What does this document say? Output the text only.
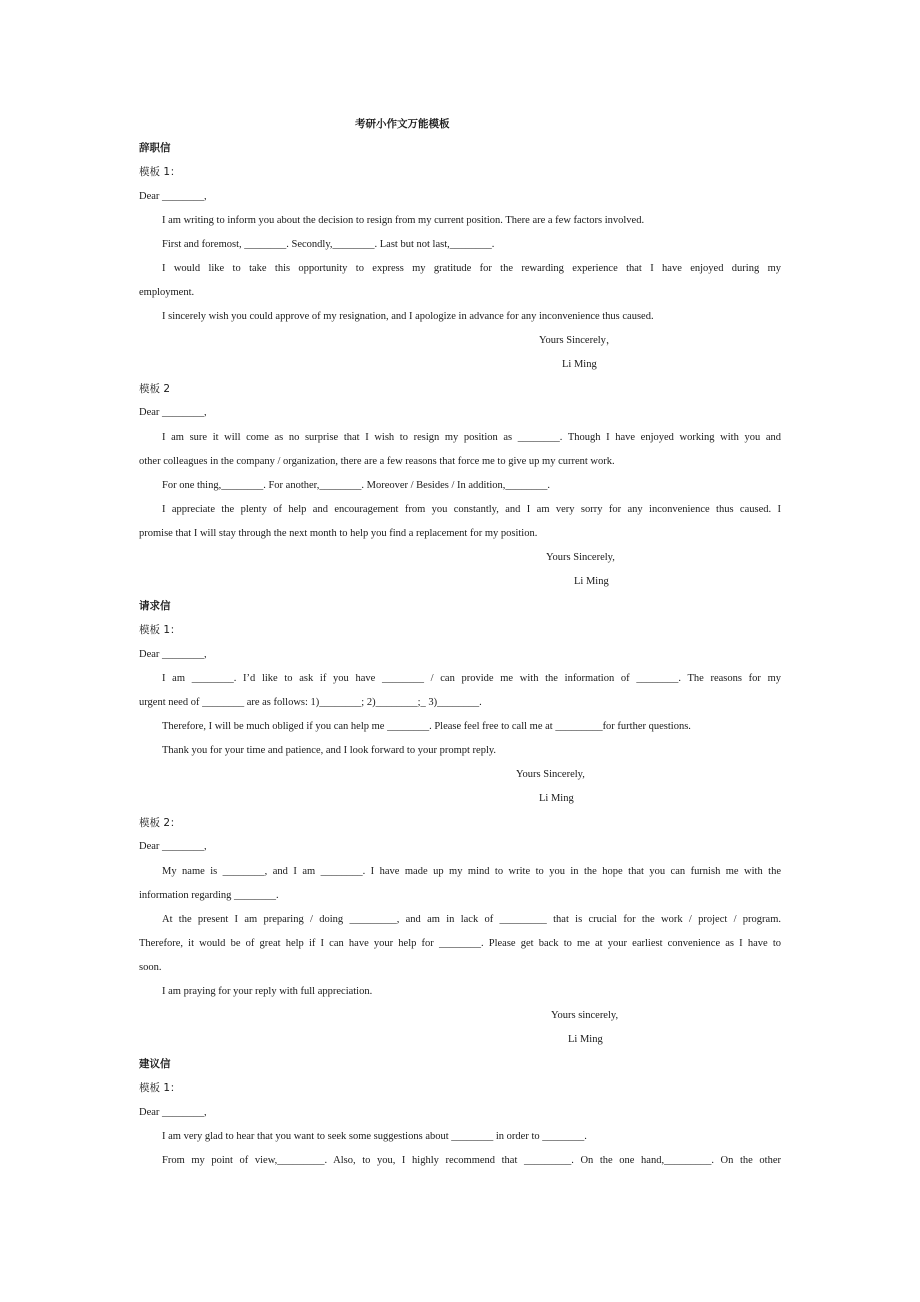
考研小作文万能模板
辞职信
模板 1：
Dear ________,
I am writing to inform you about the decision to resign from my current position. There are a few factors involved.
First and foremost, ________. Secondly,________. Last but not last,________.
I would like to take this opportunity to express my gratitude for the rewarding experience that I have enjoyed during my
employment.
I sincerely wish you could approve of my resignation, and I apologize in advance for any inconvenience thus caused.
Yours Sincerely，
Li Ming
模板 2
Dear ________,
I am sure it will come as no surprise that I wish to resign my position as ________. Though I have enjoyed working with you and
other colleagues in the company / organization, there are a few reasons that force me to give up my current work.
For one thing,________. For another,________. Moreover / Besides / In addition,________.
I appreciate the plenty of help and encouragement from you constantly, and I am very sorry for any inconvenience thus caused. I
promise that I will stay through the next month to help you find a replacement for my position.
Yours Sincerely,
Li Ming
请求信
模板 1：
Dear ________,
I am ________. I’d like to ask if you have ________ / can provide me with the information of ________. The reasons for my
urgent need of ________ are as follows: 1)________; 2)________;_ 3)________.
Therefore, I will be much obliged if you can help me ________. Please feel free to call me at _________for further questions.
Thank you for your time and patience, and I look forward to your prompt reply.
Yours Sincerely,
Li Ming
模板 2：
Dear ________,
My name is ________, and I am ________. I have made up my mind to write to you in the hope that you can furnish me with the
information regarding ________.
At the present I am preparing / doing _________, and am in lack of _________ that is crucial for the work / project / program.
Therefore, it would be of great help if I can have your help for ________. Please get back to me at your earliest convenience as I have to
soon.
I am praying for your reply with full appreciation.
Yours sincerely,
Li Ming
建议信
模板 1：
Dear ________,
I am very glad to hear that you want to seek some suggestions about ________ in order to ________.
From my point of view,_________. Also, to you, I highly recommend that _________. On the one hand,_________. On the other
